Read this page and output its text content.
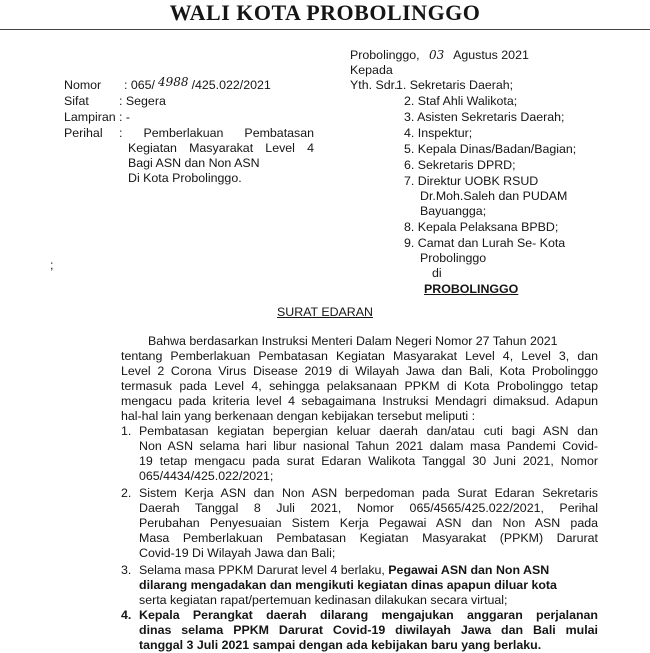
WALI KOTA PROBOLINGGO
Probolinggo, 03 Agustus 2021
Kepada
Nomor : 065/ 4988 /425.022/2021
Sifat : Segera
Lampiran : -
Perihal : Pemberlakuan Pembatasan
Kegiatan Masyarakat Level 4
Bagi ASN dan Non ASN
Di Kota Probolinggo.
;
Yth. Sdr.
1. Sekretaris Daerah;
2. Staf Ahli Walikota;
3. Asisten Sekretaris Daerah;
4. Inspektur;
5. Kepala Dinas/Badan/Bagian;
6. Sekretaris DPRD;
7. Direktur UOBK RSUD
Dr.Moh.Saleh dan PUDAM
Bayuangga;
8. Kepala Pelaksana BPBD;
9. Camat dan Lurah Se- Kota
Probolinggo
di
PROBOLINGGO
SURAT EDARAN
Bahwa berdasarkan Instruksi Menteri Dalam Negeri Nomor 27 Tahun 2021
tentang Pemberlakuan Pembatasan Kegiatan Masyarakat Level 4, Level 3, dan
Level 2 Corona Virus Disease 2019 di Wilayah Jawa dan Bali, Kota Probolinggo
termasuk pada Level 4, sehingga pelaksanaan PPKM di Kota Probolinggo tetap
mengacu pada kriteria level 4 sebagaimana Instruksi Mendagri dimaksud. Adapun
hal-hal lain yang berkenaan dengan kebijakan tersebut meliputi :
1. Pembatasan kegiatan bepergian keluar daerah dan/atau cuti bagi ASN dan
Non ASN selama hari libur nasional Tahun 2021 dalam masa Pandemi Covid-
19 tetap mengacu pada surat Edaran Walikota Tanggal 30 Juni 2021, Nomor
065/4434/425.022/2021;
2. Sistem Kerja ASN dan Non ASN berpedoman pada Surat Edaran Sekretaris
Daerah Tanggal 8 Juli 2021, Nomor 065/4565/425.022/2021, Perihal
Perubahan Penyesuaian Sistem Kerja Pegawai ASN dan Non ASN pada
Masa Pemberlakuan Pembatasan Kegiatan Masyarakat (PPKM) Darurat
Covid-19 Di Wilayah Jawa dan Bali;
3. Selama masa PPKM Darurat level 4 berlaku, Pegawai ASN dan Non ASN
dilarang mengadakan dan mengikuti kegiatan dinas apapun diluar kota
serta kegiatan rapat/pertemuan kedinasan dilakukan secara virtual;
4. Kepala Perangkat daerah dilarang mengajukan anggaran perjalanan
dinas selama PPKM Darurat Covid-19 diwilayah Jawa dan Bali mulai
tanggal 3 Juli 2021 sampai dengan ada kebijakan baru yang berlaku.
